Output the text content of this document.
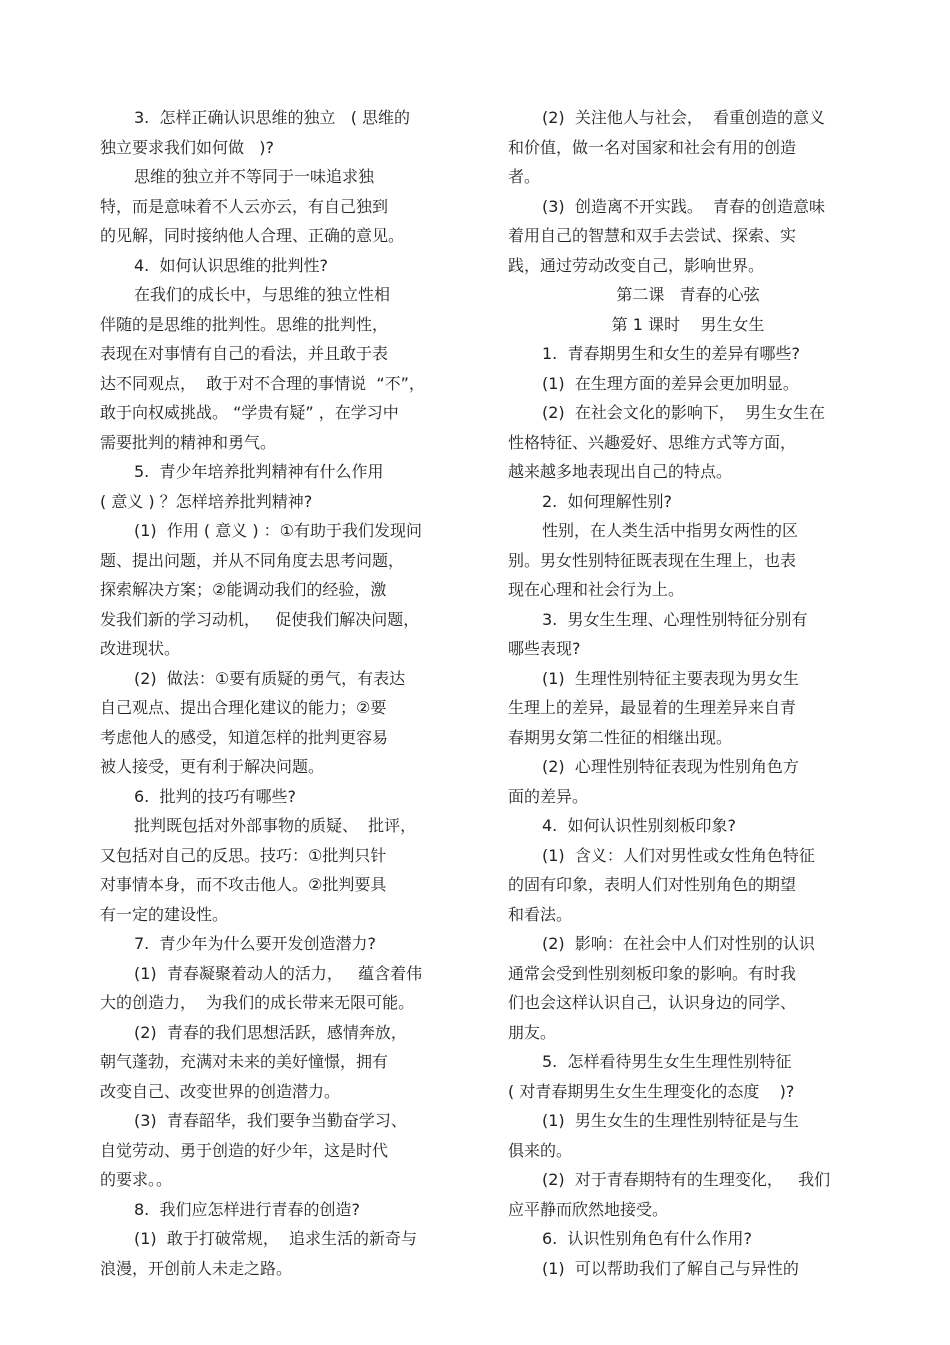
3.  怎样正确认识思维的独立   ( 思维的
独立要求我们如何做   )?
思维的独立并不等同于一味追求独
特，而是意味着不人云亦云，有自己独到
的见解，同时接纳他人合理、正确的意见。
4.  如何认识思维的批判性?
在我们的成长中，与思维的独立性相
伴随的是思维的批判性。思维的批判性，
表现在对事情有自己的看法，并且敢于表
达不同观点，  敢于对不合理的事情说  “不”，
敢于向权威挑战。 “学贵有疑” ，在学习中
需要批判的精神和勇气。
5.  青少年培养批判精神有什么作用
( 意义 ) ？怎样培养批判精神?
(1)  作用 ( 意义 ) ：①有助于我们发现问
题、提出问题，并从不同角度去思考问题，
探索解决方案；②能调动我们的经验，激
发我们新的学习动机，   促使我们解决问题，
改进现状。
(2)  做法：①要有质疑的勇气，有表达
自己观点、提出合理化建议的能力；②要
考虑他人的感受，知道怎样的批判更容易
被人接受，更有利于解决问题。
6.  批判的技巧有哪些?
批判既包括对外部事物的质疑、  批评，
又包括对自己的反思。技巧：①批判只针
对事情本身，而不攻击他人。②批判要具
有一定的建设性。
7.  青少年为什么要开发创造潜力?
(1)  青春凝聚着动人的活力，   蕴含着伟
大的创造力，  为我们的成长带来无限可能。
(2)  青春的我们思想活跃，感情奔放，
朝气蓬勃，充满对未来的美好憧憬，拥有
改变自己、改变世界的创造潜力。
(3)  青春韶华，我们要争当勤奋学习、
自觉劳动、勇于创造的好少年，这是时代
的要求。。
8.  我们应怎样进行青春的创造?
(1)  敢于打破常规，  追求生活的新奇与
浪漫，开创前人未走之路。
(2)  关注他人与社会，  看重创造的意义
和价值，做一名对国家和社会有用的创造
者。
(3)  创造离不开实践。  青春的创造意味
着用自己的智慧和双手去尝试、探索、实
践，通过劳动改变自己，影响世界。
第二课   青春的心弦
第 1 课时    男生女生
1.  青春期男生和女生的差异有哪些?
(1)  在生理方面的差异会更加明显。
(2)  在社会文化的影响下，  男生女生在
性格特征、兴趣爱好、思维方式等方面，
越来越多地表现出自己的特点。
2.  如何理解性别?
性别，在人类生活中指男女两性的区
别。男女性别特征既表现在生理上，也表
现在心理和社会行为上。
3.  男女生生理、心理性别特征分别有
哪些表现?
(1)  生理性别特征主要表现为男女生
生理上的差异，最显着的生理差异来自青
春期男女第二性征的相继出现。
(2)  心理性别特征表现为性别角色方
面的差异。
4.  如何认识性别刻板印象?
(1)  含义：人们对男性或女性角色特征
的固有印象，表明人们对性别角色的期望
和看法。
(2)  影响：在社会中人们对性别的认识
通常会受到性别刻板印象的影响。有时我
们也会这样认识自己，认识身边的同学、
朋友。
5.  怎样看待男生女生生理性别特征
( 对青春期男生女生生理变化的态度    )?
(1)  男生女生的生理性别特征是与生
俱来的。
(2)  对于青春期特有的生理变化，   我们
应平静而欣然地接受。
6.  认识性别角色有什么作用?
(1)  可以帮助我们了解自己与异性的
